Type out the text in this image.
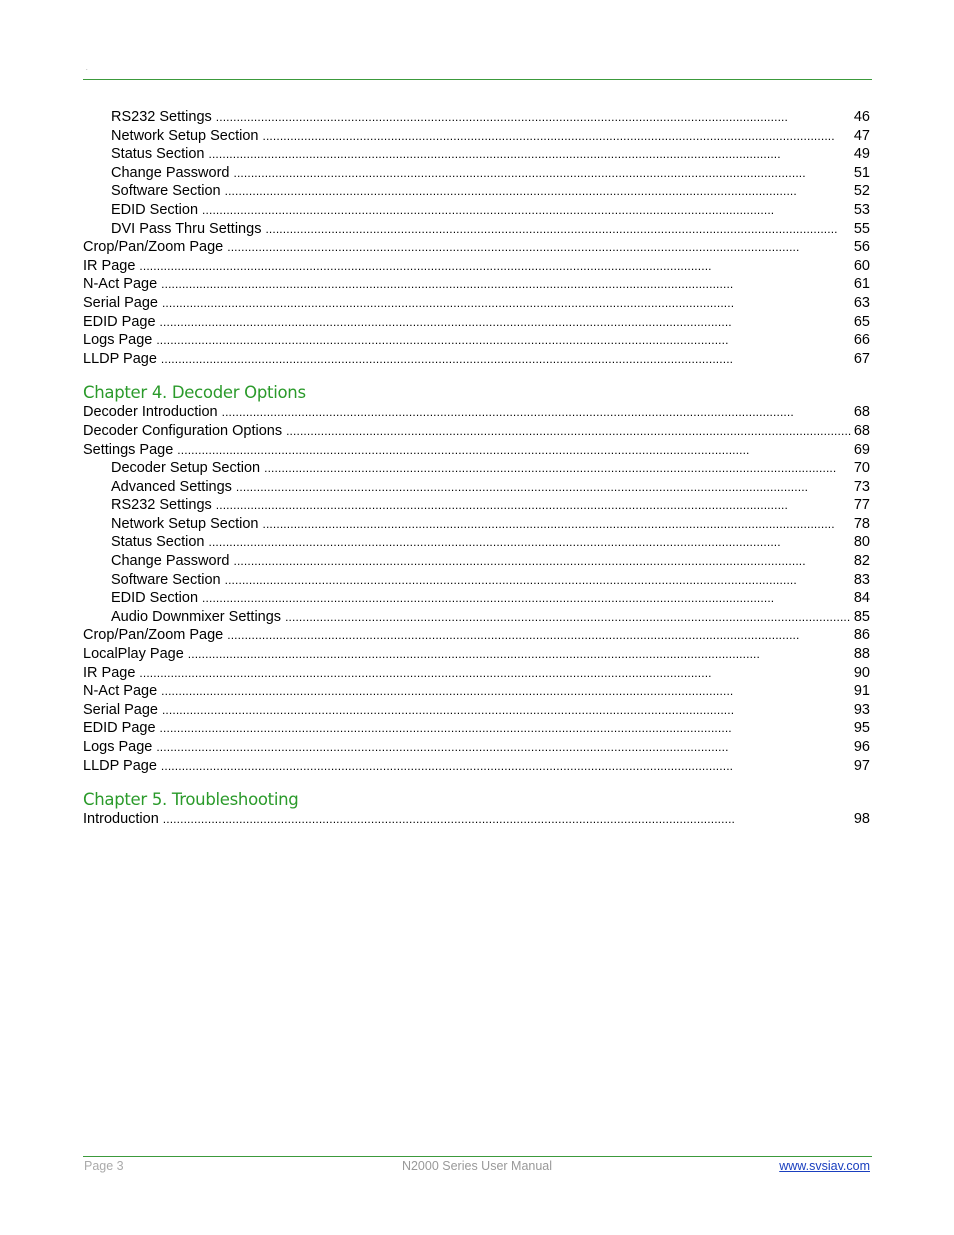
.
RS232 Settings . . .	46
Network Setup Section . . .	47
Status Section . . .	49
Change Password . . .	51
Software Section . . .	52
EDID Section . . .	53
DVI Pass Thru Settings . . .	55
Crop/Pan/Zoom Page . . .	56
IR Page . . .	60
N-Act Page . . .	61
Serial Page . . .	63
EDID Page . . .	65
Logs Page . . .	66
LLDP Page . . .	67
Chapter 4. Decoder Options
Decoder Introduction . . .	68
Decoder Configuration Options . . .	68
Settings Page . . .	69
Decoder Setup Section . . .	70
Advanced Settings . . .	73
RS232 Settings . . .	77
Network Setup Section . . .	78
Status Section . . .	80
Change Password . . .	82
Software Section . . .	83
EDID Section . . .	84
Audio Downmixer Settings . . .	85
Crop/Pan/Zoom Page . . .	86
LocalPlay Page . . .	88
IR Page . . .	90
N-Act Page . . .	91
Serial Page . . .	93
EDID Page . . .	95
Logs Page . . .	96
LLDP Page . . .	97
Chapter 5. Troubleshooting
Introduction . . .	98
Page 3	N2000 Series User Manual	www.svsiav.com
